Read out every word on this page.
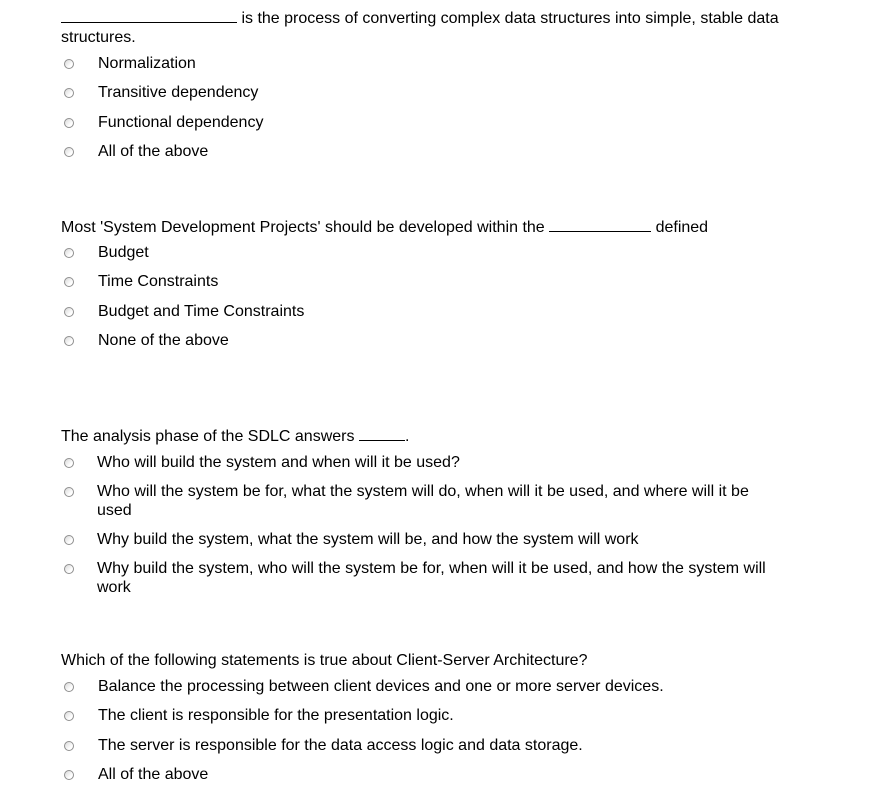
is the process of converting complex data structures into simple, stable data structures.

Normalization
Transitive dependency
Functional dependency
All of the above

Most 'System Development Projects' should be developed within the	defined

Budget
Time Constraints
Budget and Time Constraints
None of the above

The analysis phase of the SDLC answers	.

Who will build the system and when will it be used?
Who will the system be for, what the system will do, when will it be used, and where will it be used
Why build the system, what the system will be, and how the system will work
Why build the system, who will the system be for, when will it be used, and how the system will work

Which of the following statements is true about Client-Server Architecture?

Balance the processing between client devices and one or more server devices.
The client is responsible for the presentation logic.
The server is responsible for the data access logic and data storage.
All of the above
